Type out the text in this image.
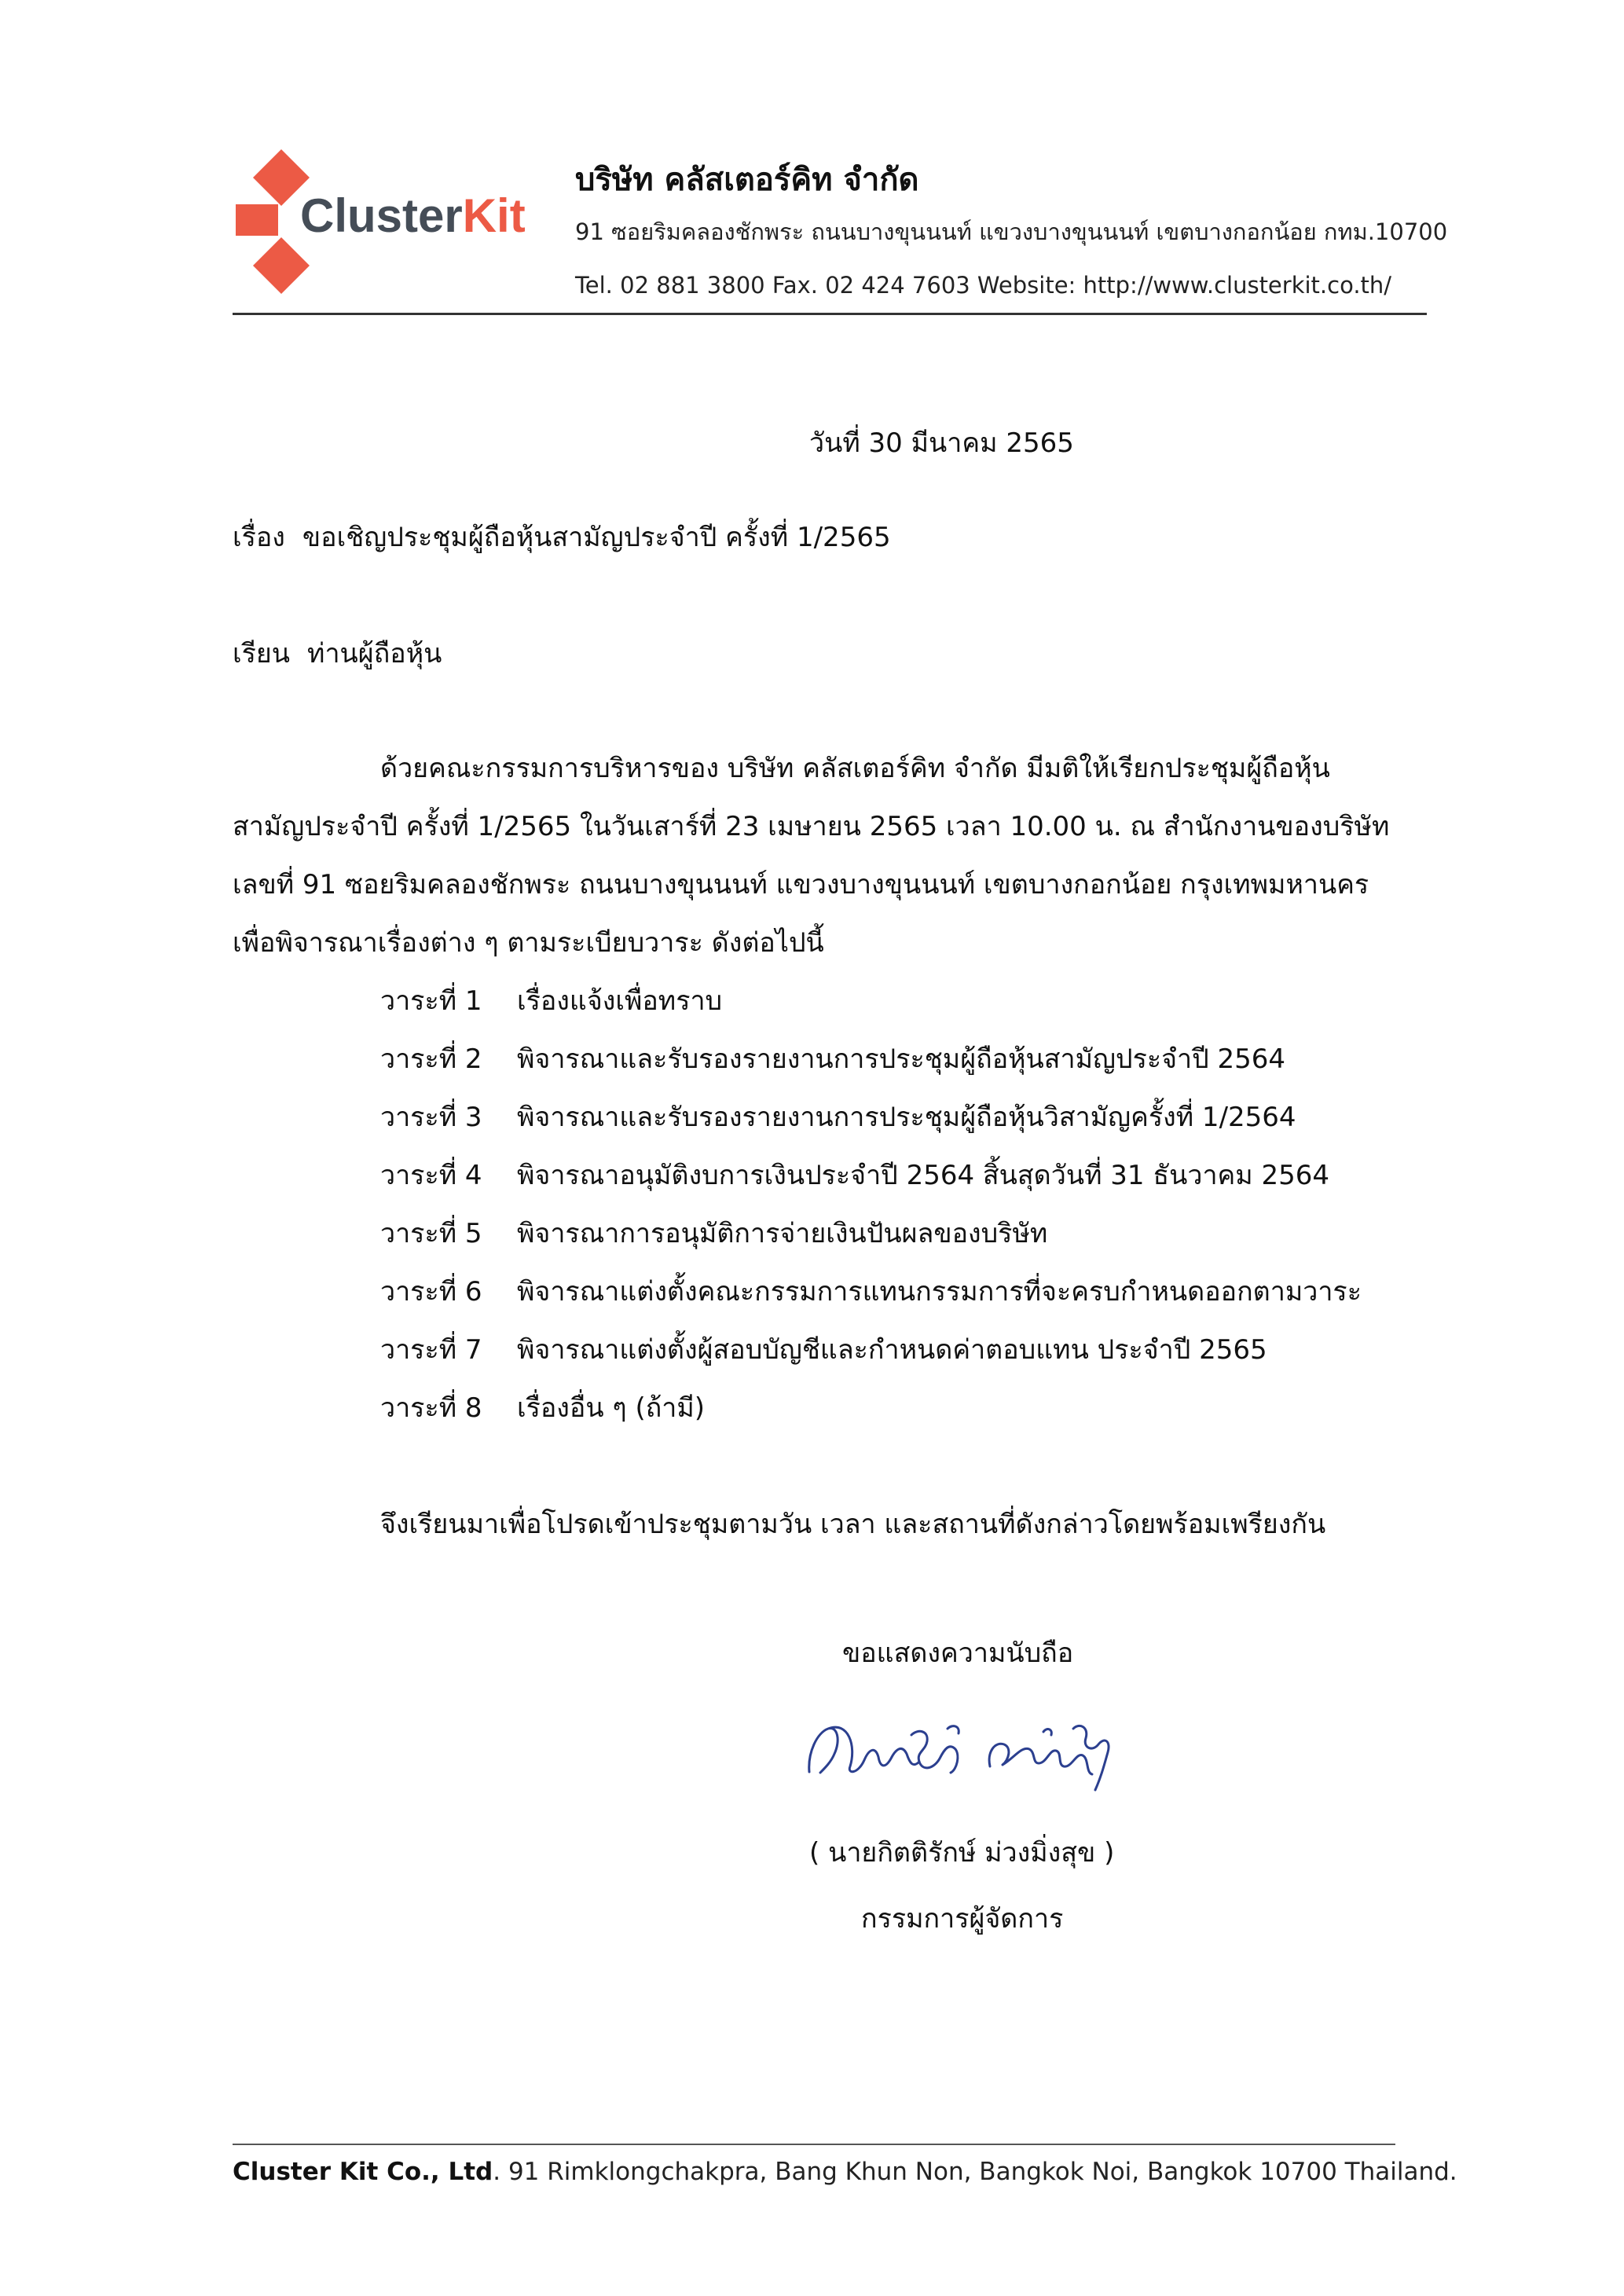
ClusterKit
บริษัท คลัสเตอร์คิท จำกัด
91 ซอยริมคลองชักพระ ถนนบางขุนนนท์ แขวงบางขุนนนท์ เขตบางกอกน้อย กทม.10700
Tel. 02 881 3800 Fax. 02 424 7603 Website: http://www.clusterkit.co.th/
วันที่ 30 มีนาคม 2565
เรื่อง ขอเชิญประชุมผู้ถือหุ้นสามัญประจำปี ครั้งที่ 1/2565
เรียน ท่านผู้ถือหุ้น
ด้วยคณะกรรมการบริหารของ บริษัท คลัสเตอร์คิท จำกัด มีมติให้เรียกประชุมผู้ถือหุ้น
สามัญประจำปี ครั้งที่ 1/2565 ในวันเสาร์ที่ 23 เมษายน 2565 เวลา 10.00 น. ณ สำนักงานของบริษัท
เลขที่ 91 ซอยริมคลองชักพระ ถนนบางขุนนนท์ แขวงบางขุนนนท์ เขตบางกอกน้อย กรุงเทพมหานคร
เพื่อพิจารณาเรื่องต่าง ๆ ตามระเบียบวาระ ดังต่อไปนี้
วาระที่ 1 เรื่องแจ้งเพื่อทราบ
วาระที่ 2 พิจารณาและรับรองรายงานการประชุมผู้ถือหุ้นสามัญประจำปี 2564
วาระที่ 3 พิจารณาและรับรองรายงานการประชุมผู้ถือหุ้นวิสามัญครั้งที่ 1/2564
วาระที่ 4 พิจารณาอนุมัติงบการเงินประจำปี 2564 สิ้นสุดวันที่ 31 ธันวาคม 2564
วาระที่ 5 พิจารณาการอนุมัติการจ่ายเงินปันผลของบริษัท
วาระที่ 6 พิจารณาแต่งตั้งคณะกรรมการแทนกรรมการที่จะครบกำหนดออกตามวาระ
วาระที่ 7 พิจารณาแต่งตั้งผู้สอบบัญชีและกำหนดค่าตอบแทน ประจำปี 2565
วาระที่ 8 เรื่องอื่น ๆ (ถ้ามี)
จึงเรียนมาเพื่อโปรดเข้าประชุมตามวัน เวลา และสถานที่ดังกล่าวโดยพร้อมเพรียงกัน
ขอแสดงความนับถือ
( นายกิตติรักษ์ ม่วงมิ่งสุข )
กรรมการผู้จัดการ
Cluster Kit Co., Ltd. 91 Rimklongchakpra, Bang Khun Non, Bangkok Noi, Bangkok 10700 Thailand.
